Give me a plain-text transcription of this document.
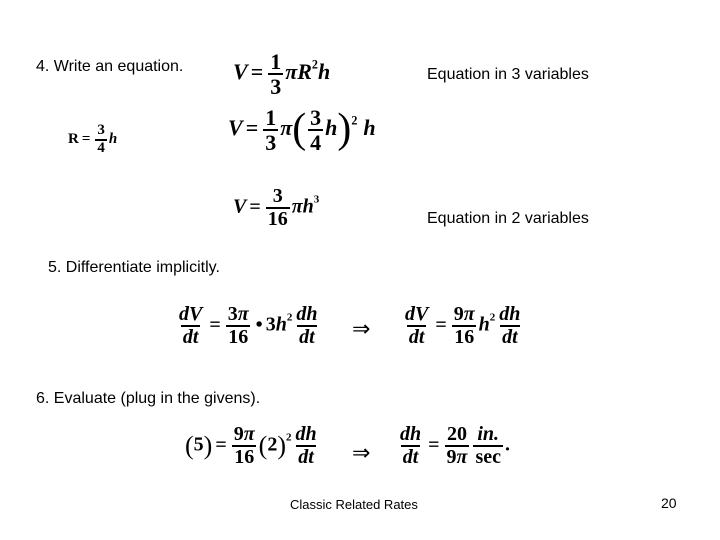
4. Write an equation. $V = \frac{1}{3} \pi R^2h$	Equation in 3 variables
$R = \frac{3}{4}$ h	$V = \frac{1}{3} \pi( \frac{3}{4} h)^2$ h
$V = \frac{3}{16} \pi h^3$
Equation in 2 variables
5. Differentiate implicitly.
$\frac{dV}{dt} = \frac{3\pi}{16}$ • $3h^2 \frac{dh}{dt}$ ⇒ $\frac{dV}{dt} = \frac{9\pi}{16} h^2 \frac{dh}{dt}$
6. Evaluate (plug in the givens).
$(5) = \frac{9\pi}{16} (2)^2 \frac{dh}{dt}$ ⇒ $\frac{dh}{dt} = \frac{20}{9\pi} \frac{in.}{\sec}$ .
Classic Related Rates	20
